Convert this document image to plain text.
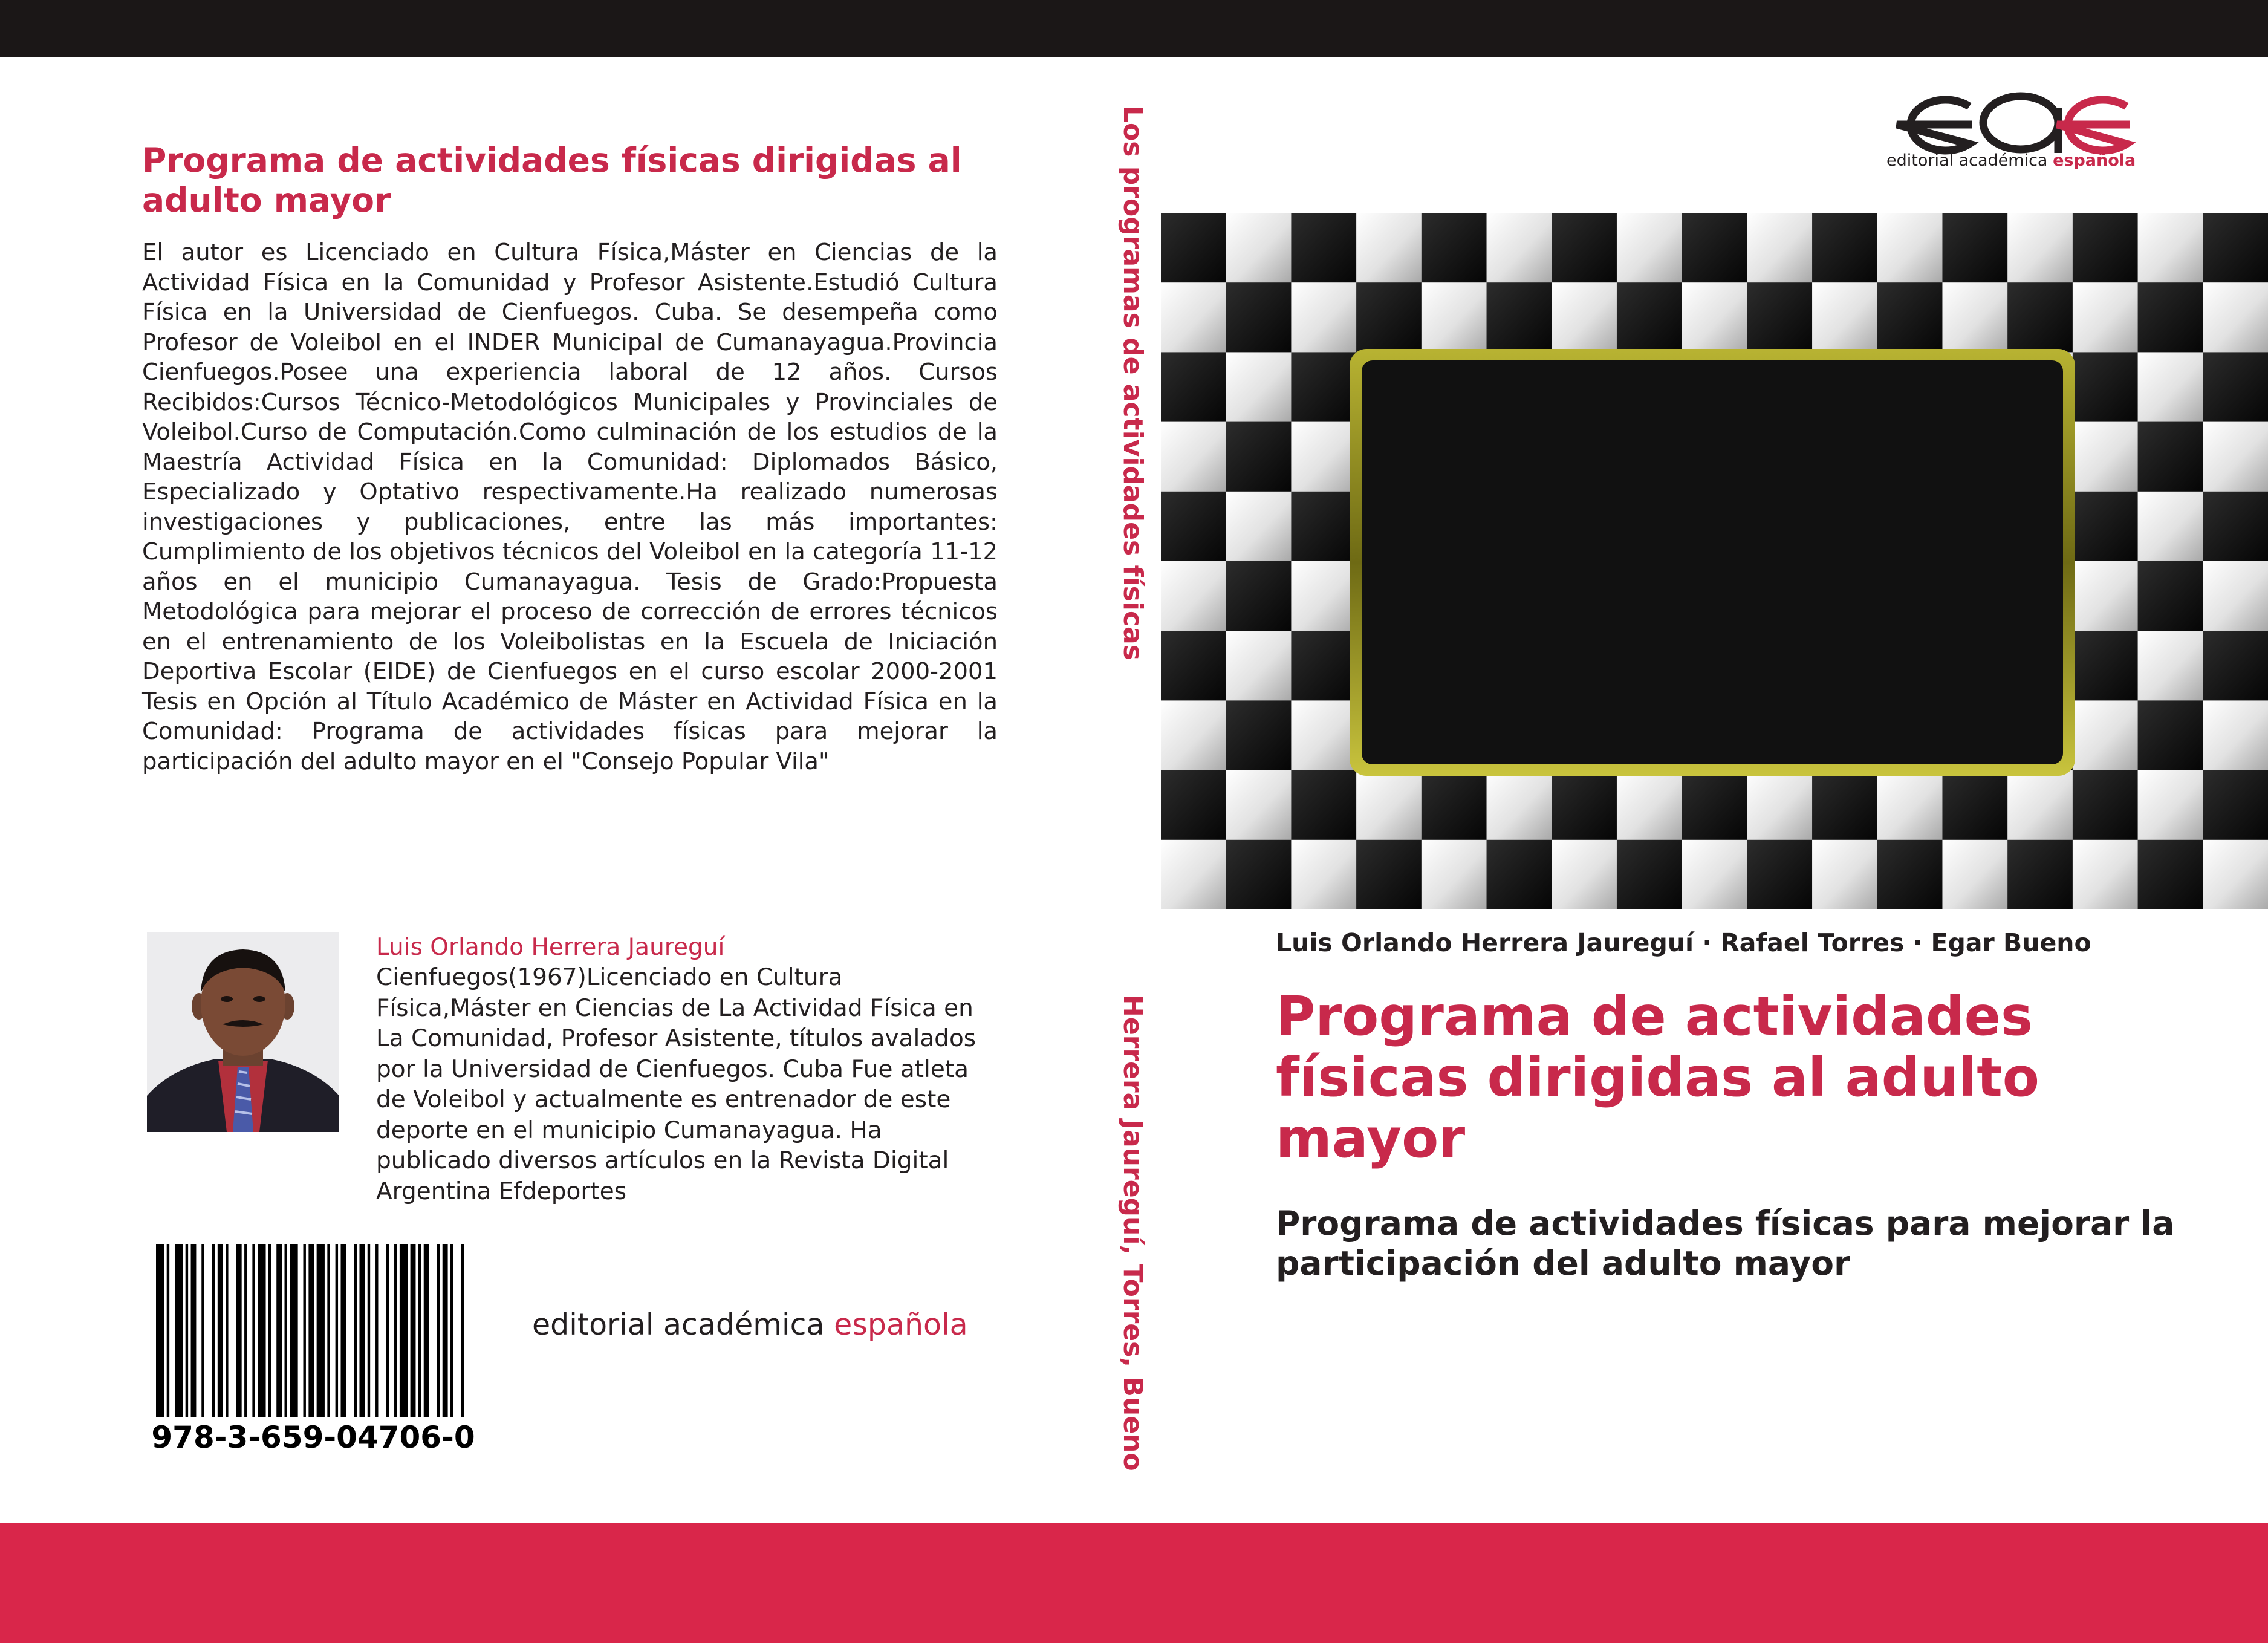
Programa de actividades físicas dirigidas al adulto mayor

El autor es Licenciado en Cultura Física,Máster en Ciencias de la Actividad Física en la Comunidad y Profesor Asistente.Estudió Cultura Física en la Universidad de Cienfuegos. Cuba. Se desempeña como Profesor de Voleibol en el INDER Municipal de Cumanayagua.Provincia Cienfuegos.Posee una experiencia laboral de 12 años. Cursos Recibidos:Cursos Técnico-Metodológicos Municipales y Provinciales de Voleibol.Curso de Computación.Como culminación de los estudios de la Maestría Actividad Física en la Comunidad: Diplomados Básico, Especializado y Optativo respectivamente.Ha realizado numerosas investigaciones y publicaciones, entre las más importantes: Cumplimiento de los objetivos técnicos del Voleibol en la categoría 11-12 años en el municipio Cumanayagua. Tesis de Grado:Propuesta Metodológica para mejorar el proceso de corrección de errores técnicos en el entrenamiento de los Voleibolistas en la Escuela de Iniciación Deportiva Escolar (EIDE) de Cienfuegos en el curso escolar 2000-2001 Tesis en Opción al Título Académico de Máster en Actividad Física en la Comunidad: Programa de actividades físicas para mejorar la participación del adulto mayor en el "Consejo Popular Vila"

Luis Orlando Herrera Jaureguí

Cienfuegos(1967)Licenciado en Cultura Física,Máster en Ciencias de La Actividad Física en La Comunidad, Profesor Asistente, títulos avalados por la Universidad de Cienfuegos. Cuba Fue atleta de Voleibol y actualmente es entrenador de este deporte en el municipio Cumanayagua. Ha publicado diversos artículos en la Revista Digital Argentina Efdeportes

978-3-659-04706-0

editorial académica española

Los programas de actividades físicas

Herrera Jaureguí, Torres, Bueno

editorial académica española

Luis Orlando Herrera Jaureguí · Rafael Torres · Egar Bueno

Programa de actividades físicas dirigidas al adulto mayor
Programa de actividades físicas para mejorar la participación del adulto mayor
